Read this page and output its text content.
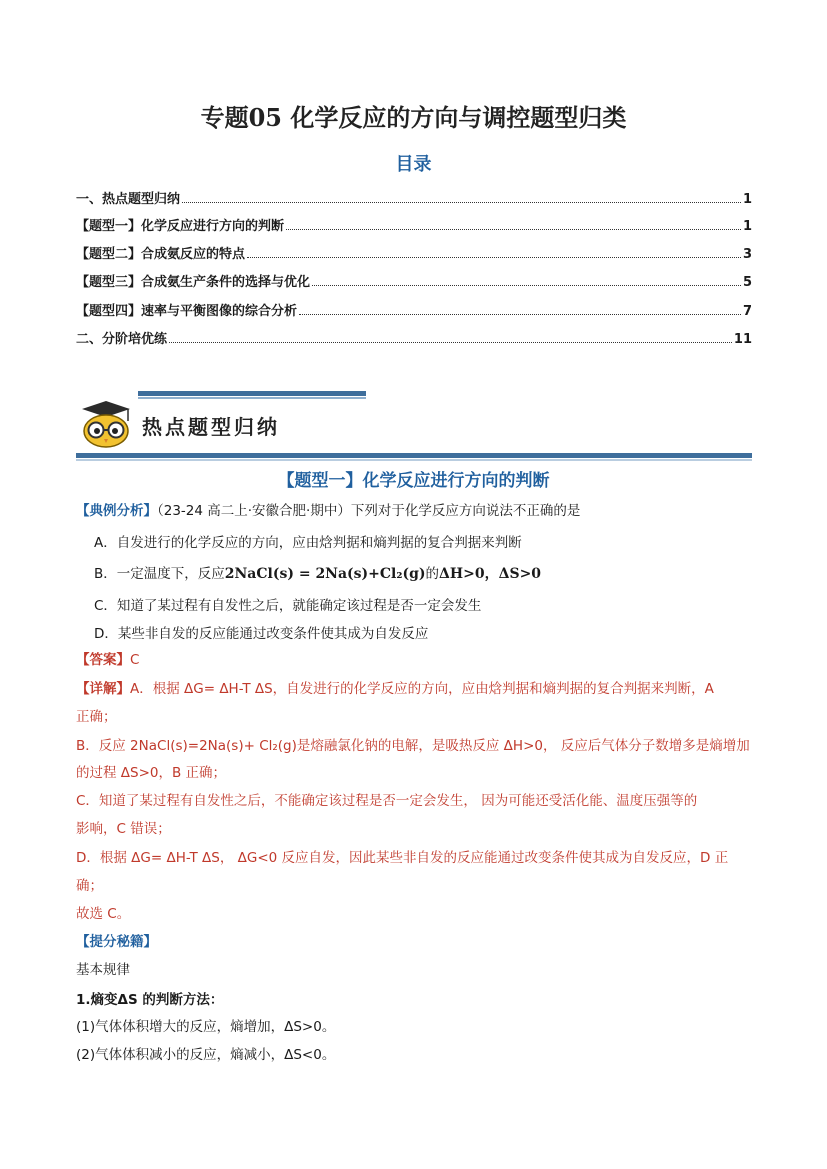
专题05 化学反应的方向与调控题型归类
目录
一、热点题型归纳	1
【题型一】化学反应进行方向的判断	1
【题型二】合成氨反应的特点	3
【题型三】合成氨生产条件的选择与优化	5
【题型四】速率与平衡图像的综合分析	7
二、分阶培优练	11
热点题型归纳
【题型一】化学反应进行方向的判断
【典例分析】（23-24 高二上·安徽合肥·期中）下列对于化学反应方向说法不正确的是
A．自发进行的化学反应的方向，应由焓判据和熵判据的复合判据来判断
B．一定温度下，反应2NaCl(s) = 2Na(s)+Cl₂(g)的ΔH>0，ΔS>0
C．知道了某过程有自发性之后，就能确定该过程是否一定会发生
D．某些非自发的反应能通过改变条件使其成为自发反应
【答案】C
【详解】A．根据 ΔG= ΔH-T ΔS，自发进行的化学反应的方向，应由焓判据和熵判据的复合判据来判断，A
正确；
B．反应 2NaCl(s)=2Na(s)+ Cl₂(g)是熔融氯化钠的电解，是吸热反应 ΔH>0， 反应后气体分子数增多是熵增加
的过程 ΔS>0，B 正确；
C．知道了某过程有自发性之后，不能确定该过程是否一定会发生， 因为可能还受活化能、温度压强等的
影响，C 错误；
D．根据 ΔG= ΔH-T ΔS， ΔG<0 反应自发，因此某些非自发的反应能通过改变条件使其成为自发反应，D 正
确；
故选 C。
【提分秘籍】
基本规律
1.熵变ΔS 的判断方法：
(1)气体体积增大的反应，熵增加，ΔS>0。
(2)气体体积减小的反应，熵减小，ΔS<0。
